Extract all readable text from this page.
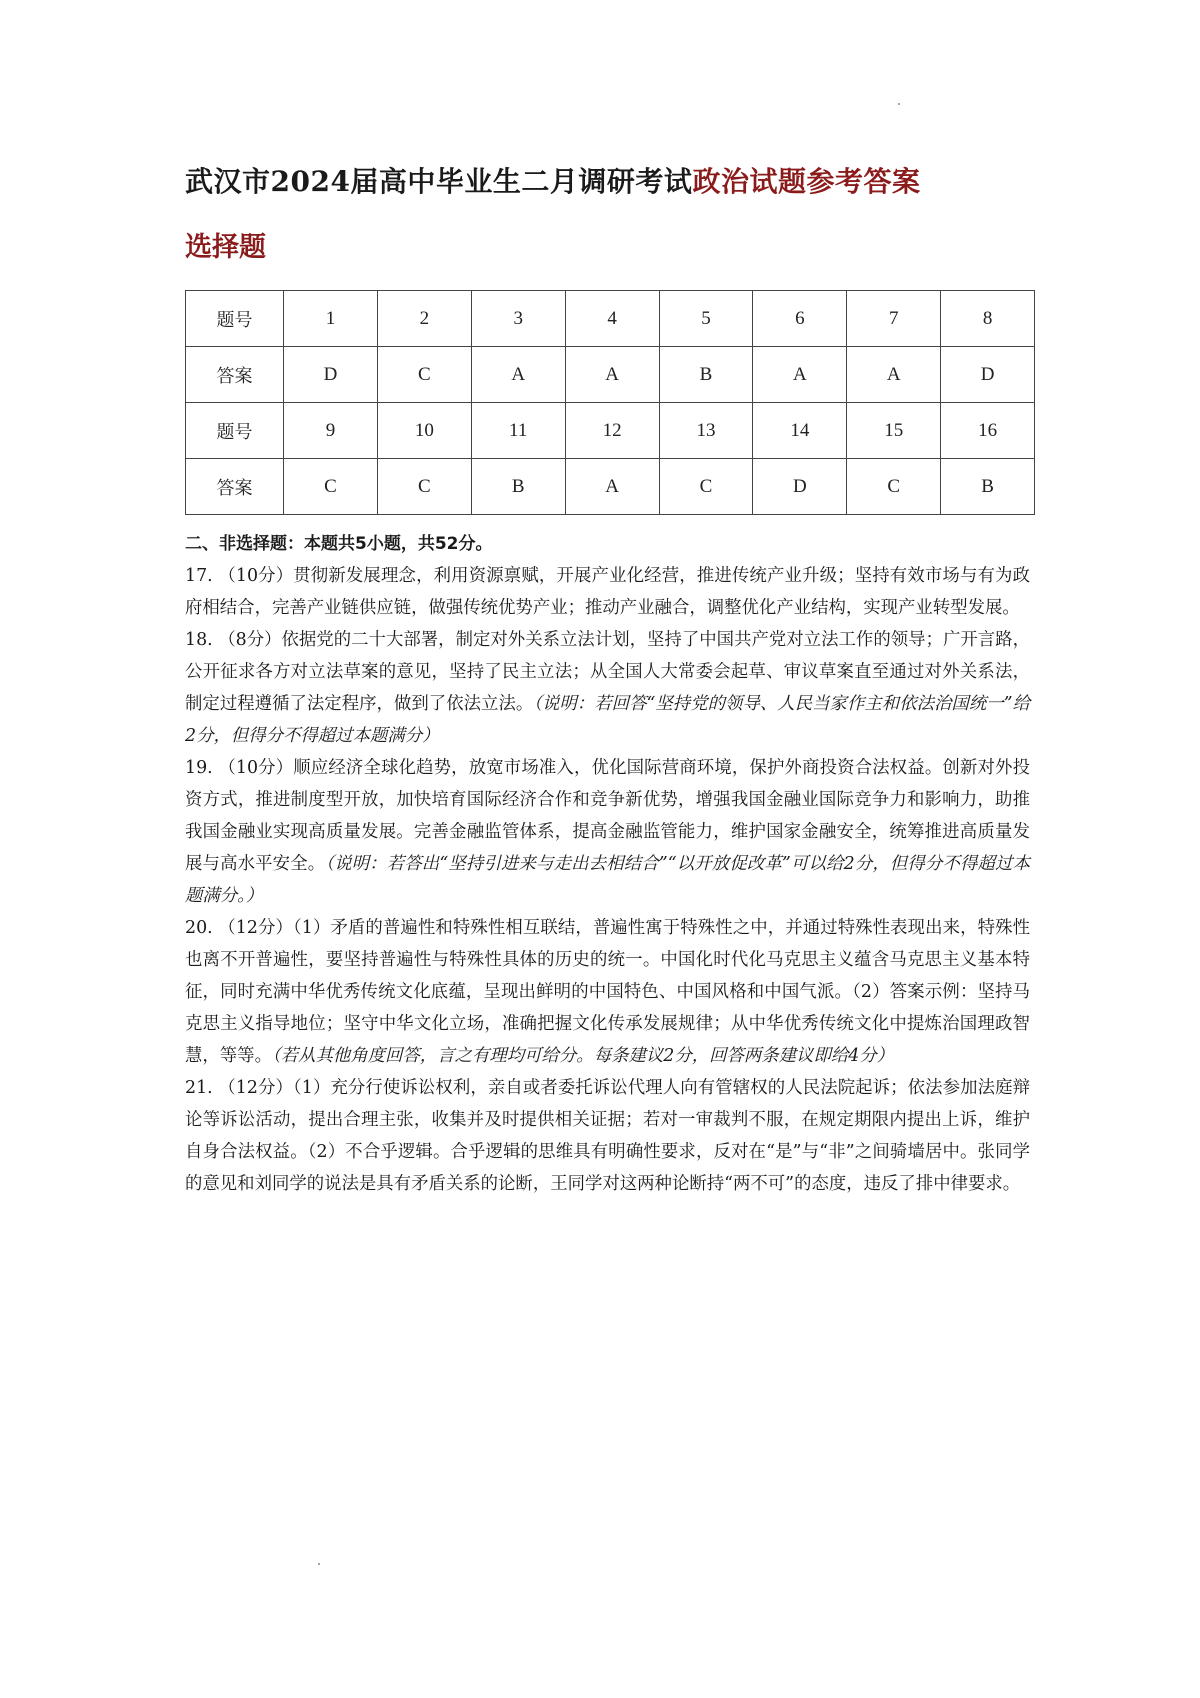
武汉市2024届高中毕业生二月调研考试政治试题参考答案
选择题
题号	1	2	3	4	5	6	7	8
答案	D	C	A	A	B	A	A	D
题号	9	10	11	12	13	14	15	16
答案	C	C	B	A	C	D	C	B
二、非选择题：本题共5小题，共52分。

17. （10分）贯彻新发展理念，利用资源禀赋，开展产业化经营，推进传统产业升级；坚持有效市场与有为政府相结合，完善产业链供应链，做强传统优势产业；推动产业融合，调整优化产业结构，实现产业转型发展。

18. （8分）依据党的二十大部署，制定对外关系立法计划，坚持了中国共产党对立法工作的领导；广开言路，公开征求各方对立法草案的意见，坚持了民主立法；从全国人大常委会起草、审议草案直至通过对外关系法，制定过程遵循了法定程序，做到了依法立法。（说明：若回答“坚持党的领导、人民当家作主和依法治国统一”给2分，但得分不得超过本题满分）

19. （10分）顺应经济全球化趋势，放宽市场准入，优化国际营商环境，保护外商投资合法权益。创新对外投资方式，推进制度型开放，加快培育国际经济合作和竞争新优势，增强我国金融业国际竞争力和影响力，助推我国金融业实现高质量发展。完善金融监管体系，提高金融监管能力，维护国家金融安全，统筹推进高质量发展与高水平安全。（说明：若答出“坚持引进来与走出去相结合”“以开放促改革”可以给2分，但得分不得超过本题满分。）

20. （12分）（1）矛盾的普遍性和特殊性相互联结，普遍性寓于特殊性之中，并通过特殊性表现出来，特殊性也离不开普遍性，要坚持普遍性与特殊性具体的历史的统一。中国化时代化马克思主义蕴含马克思主义基本特征，同时充满中华优秀传统文化底蕴，呈现出鲜明的中国特色、中国风格和中国气派。（2）答案示例：坚持马克思主义指导地位；坚守中华文化立场，准确把握文化传承发展规律；从中华优秀传统文化中提炼治国理政智慧，等等。（若从其他角度回答，言之有理均可给分。每条建议2分，回答两条建议即给4分）

21. （12分）（1）充分行使诉讼权利，亲自或者委托诉讼代理人向有管辖权的人民法院起诉；依法参加法庭辩论等诉讼活动，提出合理主张，收集并及时提供相关证据；若对一审裁判不服，在规定期限内提出上诉，维护自身合法权益。（2）不合乎逻辑。合乎逻辑的思维具有明确性要求，反对在“是”与“非”之间骑墙居中。张同学的意见和刘同学的说法是具有矛盾关系的论断，王同学对这两种论断持“两不可”的态度，违反了排中律要求。
